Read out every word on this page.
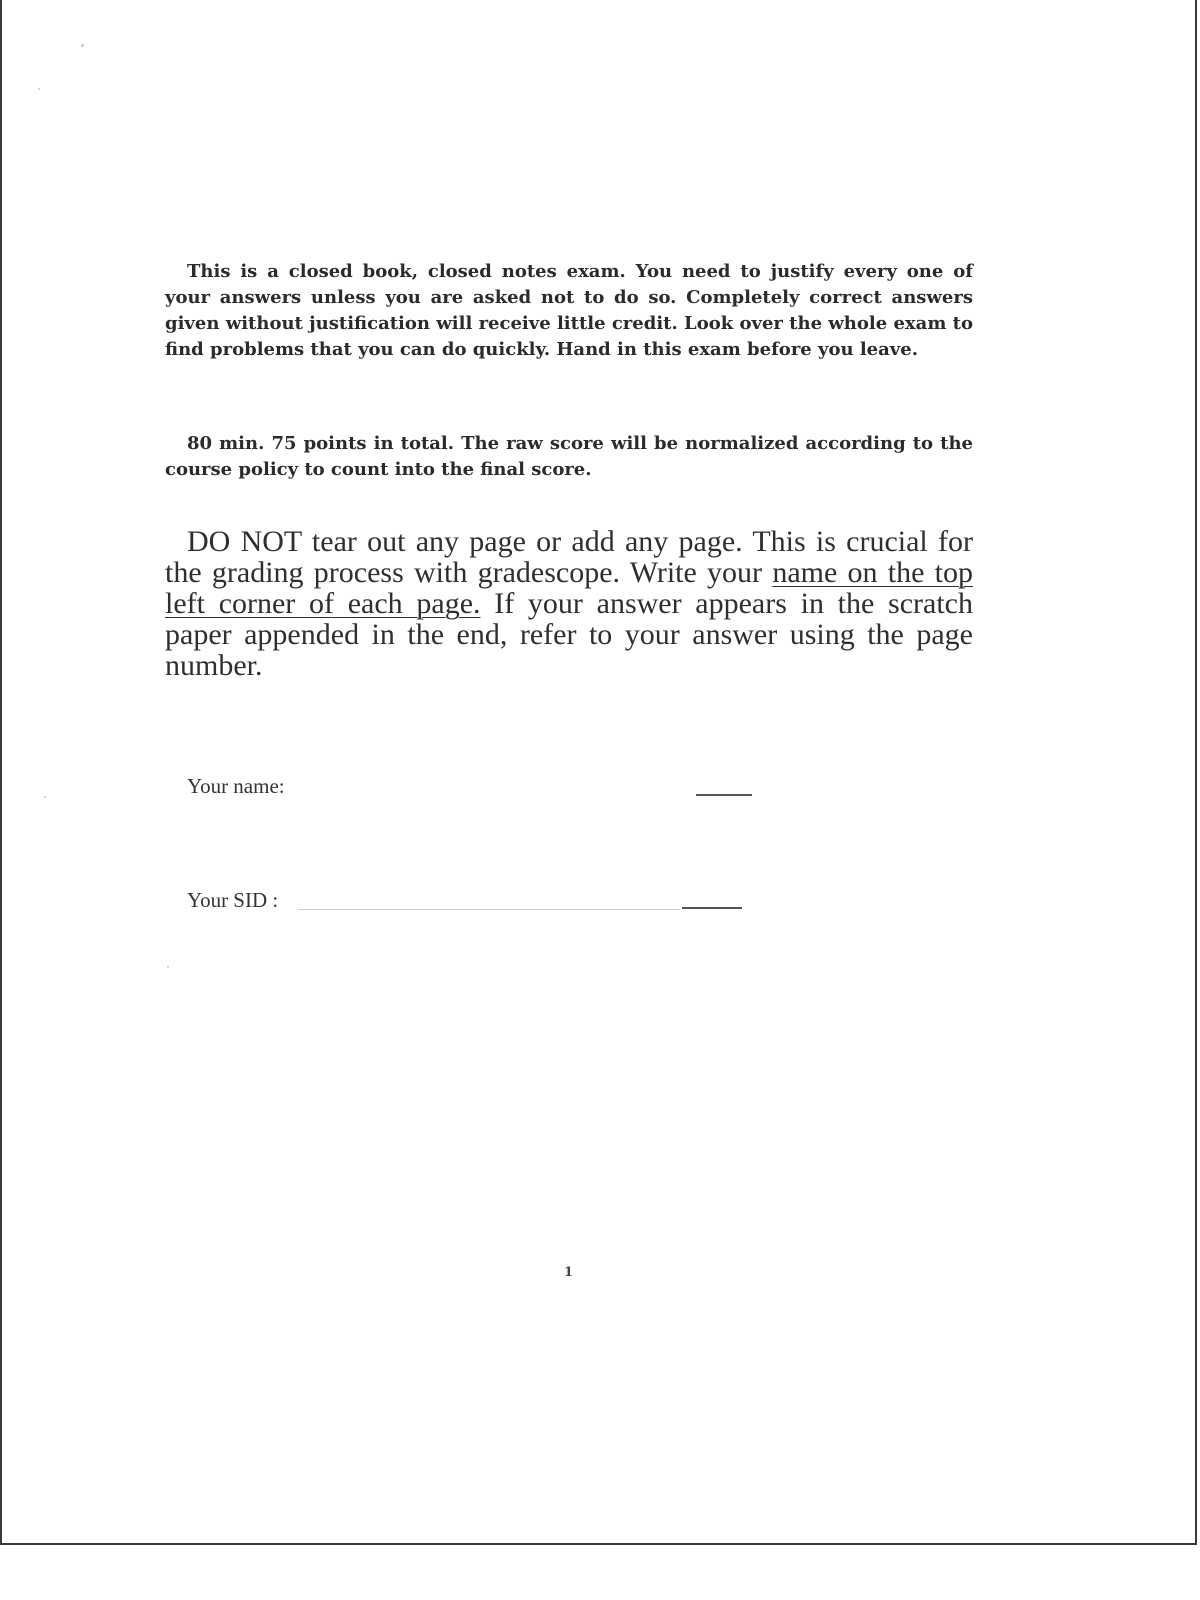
This is a closed book, closed notes exam. You need to justify every one of your answers unless you are asked not to do so. Completely correct answers given without justification will receive little credit. Look over the whole exam to find problems that you can do quickly. Hand in this exam before you leave.

80 min. 75 points in total. The raw score will be normalized according to the course policy to count into the final score.

DO NOT tear out any page or add any page. This is crucial for the grading process with gradescope. Write your name on the top left corner of each page. If your answer appears in the scratch paper appended in the end, refer to your answer using the page number.

Your name:
Your SID :
1
